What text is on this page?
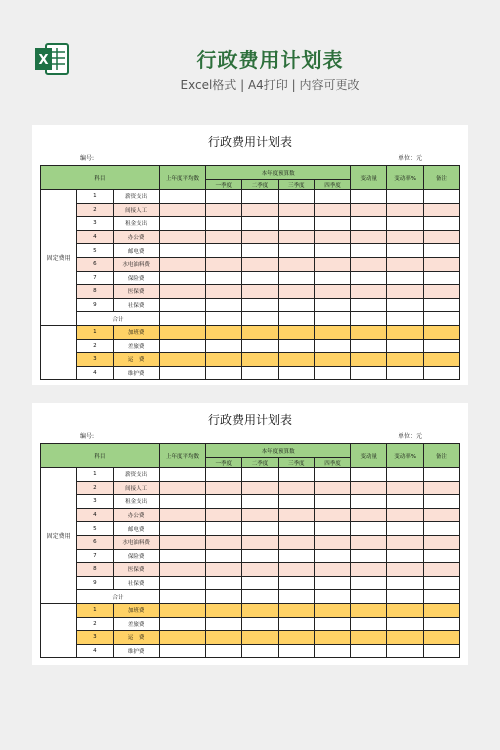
X	行政费用计划表
Excel格式 | A4打印 | 内容可更改
行政费用计划表
编号:	单位：元
科目			上年度平均数	本年度预算数				变动量	变动率%	备注
				一季度	二季度	三季度	四季度			
固定费用	1	薪资支出								
	2	间接人工								
	3	租金支出								
	4	办公费								
	5	邮电费								
	6	水电油料费								
	7	保险费								
	8	医保费								
	9	社保费								
	合计									
	1	加班费								
	2	差旅费								
	3	运　费								
	4	维护费								
行政费用计划表
编号:	单位：元
科目			上年度平均数	本年度预算数				变动量	变动率%	备注
				一季度	二季度	三季度	四季度			
固定费用	1	薪资支出								
	2	间接人工								
	3	租金支出								
	4	办公费								
	5	邮电费								
	6	水电油料费								
	7	保险费								
	8	医保费								
	9	社保费								
	合计									
	1	加班费								
	2	差旅费								
	3	运　费								
	4	维护费								
